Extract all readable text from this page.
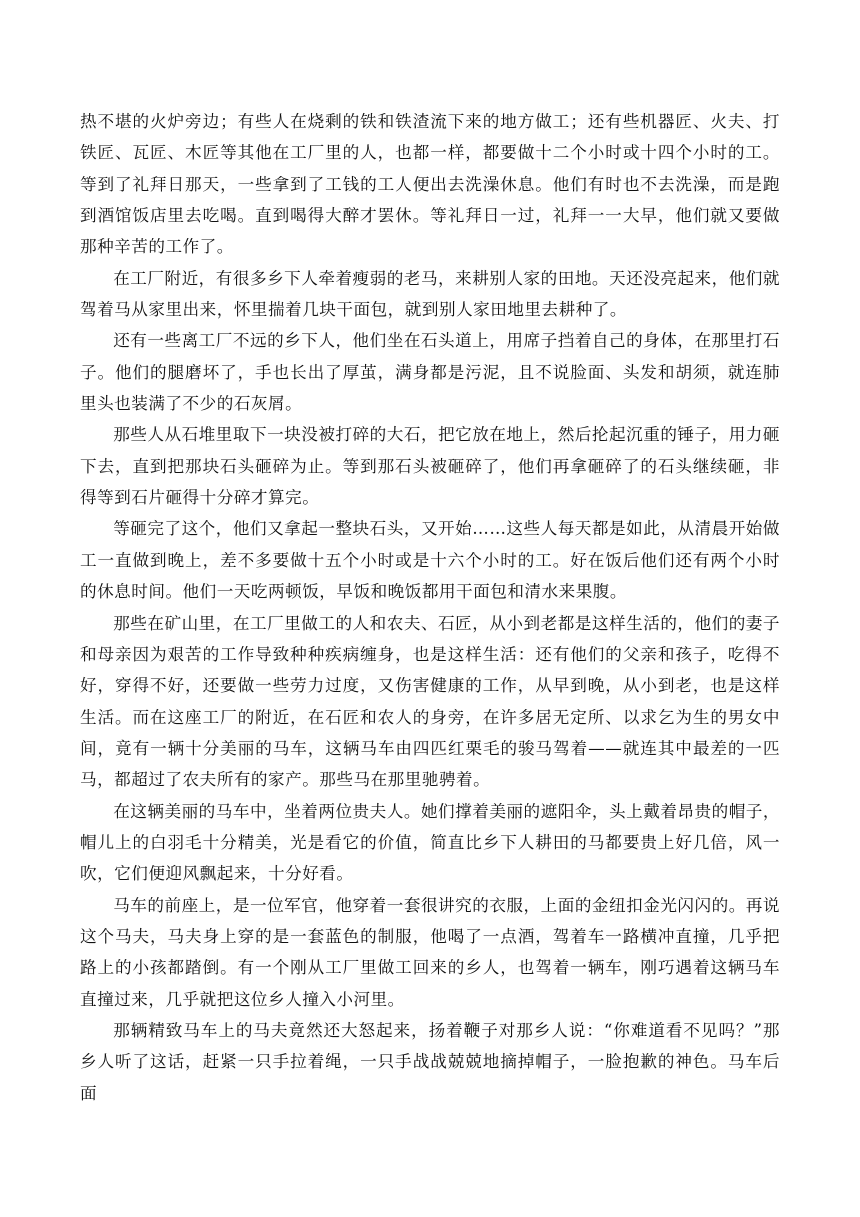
热不堪的火炉旁边；有些人在烧剩的铁和铁渣流下来的地方做工；还有些机器匠、火夫、打铁匠、瓦匠、木匠等其他在工厂里的人，也都一样，都要做十二个小时或十四个小时的工。等到了礼拜日那天，一些拿到了工钱的工人便出去洗澡休息。他们有时也不去洗澡，而是跑到酒馆饭店里去吃喝。直到喝得大醉才罢休。等礼拜日一过，礼拜一一大早，他们就又要做那种辛苦的工作了。

在工厂附近，有很多乡下人牵着瘦弱的老马，来耕别人家的田地。天还没亮起来，他们就驾着马从家里出来，怀里揣着几块干面包，就到别人家田地里去耕种了。

还有一些离工厂不远的乡下人，他们坐在石头道上，用席子挡着自己的身体，在那里打石子。他们的腿磨坏了，手也长出了厚茧，满身都是污泥，且不说脸面、头发和胡须，就连肺里头也装满了不少的石灰屑。

那些人从石堆里取下一块没被打碎的大石，把它放在地上，然后抡起沉重的锤子，用力砸下去，直到把那块石头砸碎为止。等到那石头被砸碎了，他们再拿砸碎了的石头继续砸，非得等到石片砸得十分碎才算完。

等砸完了这个，他们又拿起一整块石头，又开始……这些人每天都是如此，从清晨开始做工一直做到晚上，差不多要做十五个小时或是十六个小时的工。好在饭后他们还有两个小时的休息时间。他们一天吃两顿饭，早饭和晚饭都用干面包和清水来果腹。

那些在矿山里，在工厂里做工的人和农夫、石匠，从小到老都是这样生活的，他们的妻子和母亲因为艰苦的工作导致种种疾病缠身，也是这样生活：还有他们的父亲和孩子，吃得不好，穿得不好，还要做一些劳力过度，又伤害健康的工作，从早到晚，从小到老，也是这样生活。而在这座工厂的附近，在石匠和农人的身旁，在许多居无定所、以求乞为生的男女中间，竟有一辆十分美丽的马车，这辆马车由四匹红栗毛的骏马驾着——就连其中最差的一匹马，都超过了农夫所有的家产。那些马在那里驰骋着。

在这辆美丽的马车中，坐着两位贵夫人。她们撑着美丽的遮阳伞，头上戴着昂贵的帽子，帽儿上的白羽毛十分精美，光是看它的价值，简直比乡下人耕田的马都要贵上好几倍，风一吹，它们便迎风飘起来，十分好看。

马车的前座上，是一位军官，他穿着一套很讲究的衣服，上面的金纽扣金光闪闪的。再说这个马夫，马夫身上穿的是一套蓝色的制服，他喝了一点酒，驾着车一路横冲直撞，几乎把路上的小孩都踏倒。有一个刚从工厂里做工回来的乡人，也驾着一辆车，刚巧遇着这辆马车直撞过来，几乎就把这位乡人撞入小河里。

那辆精致马车上的马夫竟然还大怒起来，扬着鞭子对那乡人说：“你难道看不见吗？”那乡人听了这话，赶紧一只手拉着绳，一只手战战兢兢地摘掉帽子，一脸抱歉的神色。马车后面
